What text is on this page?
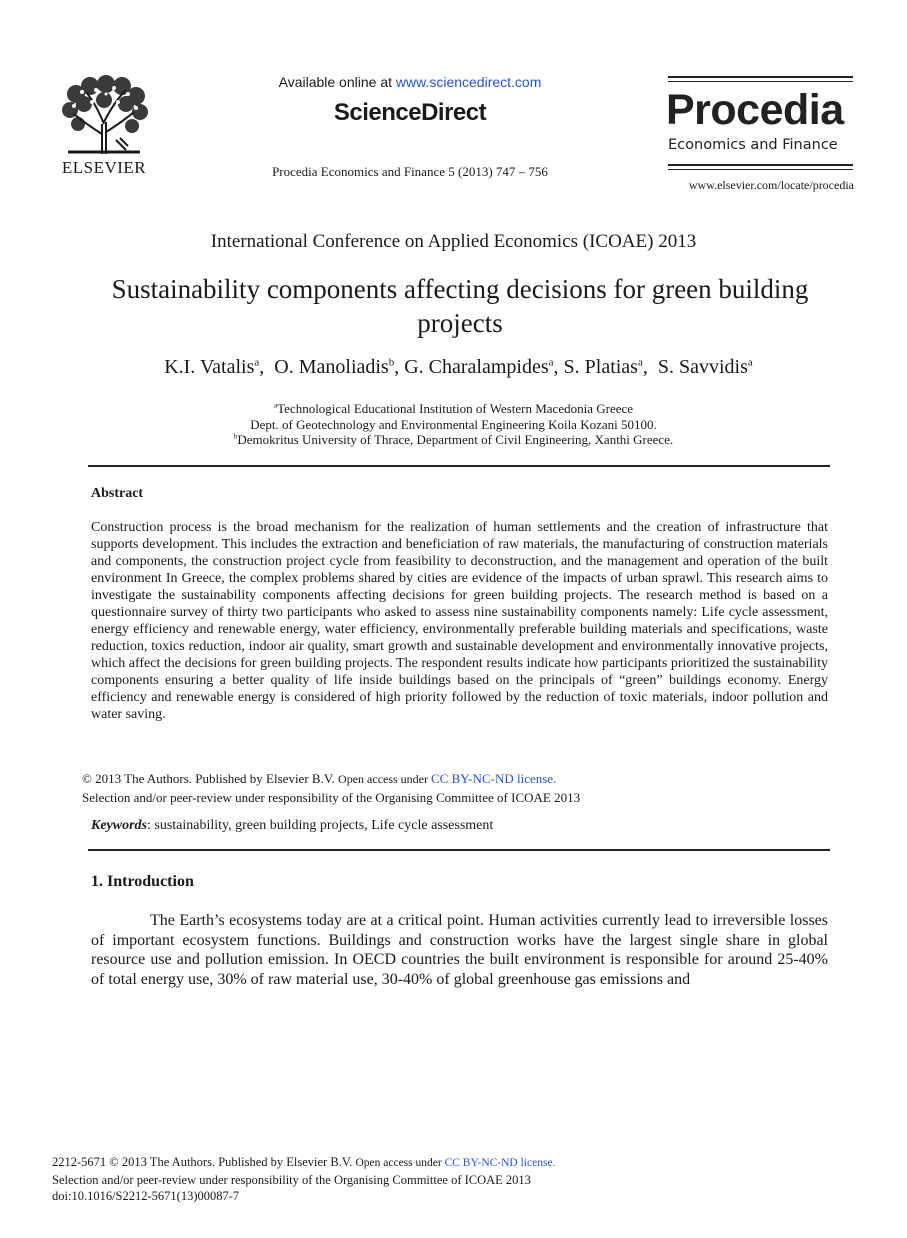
ELSEVIER
Available online at www.sciencedirect.com
ScienceDirect
Procedia Economics and Finance 5 (2013) 747 – 756
Procedia
Economics and Finance
www.elsevier.com/locate/procedia
International Conference on Applied Economics (ICOAE) 2013
Sustainability components affecting decisions for green building projects
K.I. Vatalis$^a$,  O. Manoliadis$^b$, G. Charalampides$^a$, S. Platias$^a$,  S. Savvidis$^a$
$^a$Technological Educational Institution of Western Macedonia Greece
Dept. of Geotechnology and Environmental Engineering Koila Kozani 50100.
$^b$Demokritus University of Thrace, Department of Civil Engineering, Xanthi Greece.
Abstract
Construction process is the broad mechanism for the realization of human settlements and the creation of infrastructure that supports development. This includes the extraction and beneficiation of raw materials, the manufacturing of construction materials and components, the construction project cycle from feasibility to deconstruction, and the management and operation of the built environment In Greece, the complex problems shared by cities are evidence of the impacts of urban sprawl. This research aims to investigate the sustainability components affecting decisions for green building projects. The research method is based on a questionnaire survey of thirty two participants who asked to assess nine sustainability components namely: Life cycle assessment, energy efficiency and renewable energy, water efficiency, environmentally preferable building materials and specifications, waste reduction, toxics reduction, indoor air quality, smart growth and sustainable development and environmentally innovative projects, which affect the decisions for green building projects. The respondent results indicate how participants prioritized the sustainability components ensuring a better quality of life inside buildings based on the principals of “green” buildings economy. Energy efficiency and renewable energy is considered of high priority followed by the reduction of toxic materials, indoor pollution and water saving.
© 2013 The Authors. Published by Elsevier B.V. Open access under CC BY-NC-ND license.
Selection and/or peer-review under responsibility of the Organising Committee of ICOAE 2013
Keywords: sustainability, green building projects, Life cycle assessment
1. Introduction
The Earth’s ecosystems today are at a critical point. Human activities currently lead to irreversible losses of important ecosystem functions. Buildings and construction works have the largest single share in global resource use and pollution emission. In OECD countries the built environment is responsible for around 25-40% of total energy use, 30% of raw material use, 30-40% of global greenhouse gas emissions and
2212-5671 © 2013 The Authors. Published by Elsevier B.V. Open access under CC BY-NC-ND license.
Selection and/or peer-review under responsibility of the Organising Committee of ICOAE 2013
doi:10.1016/S2212-5671(13)00087-7
